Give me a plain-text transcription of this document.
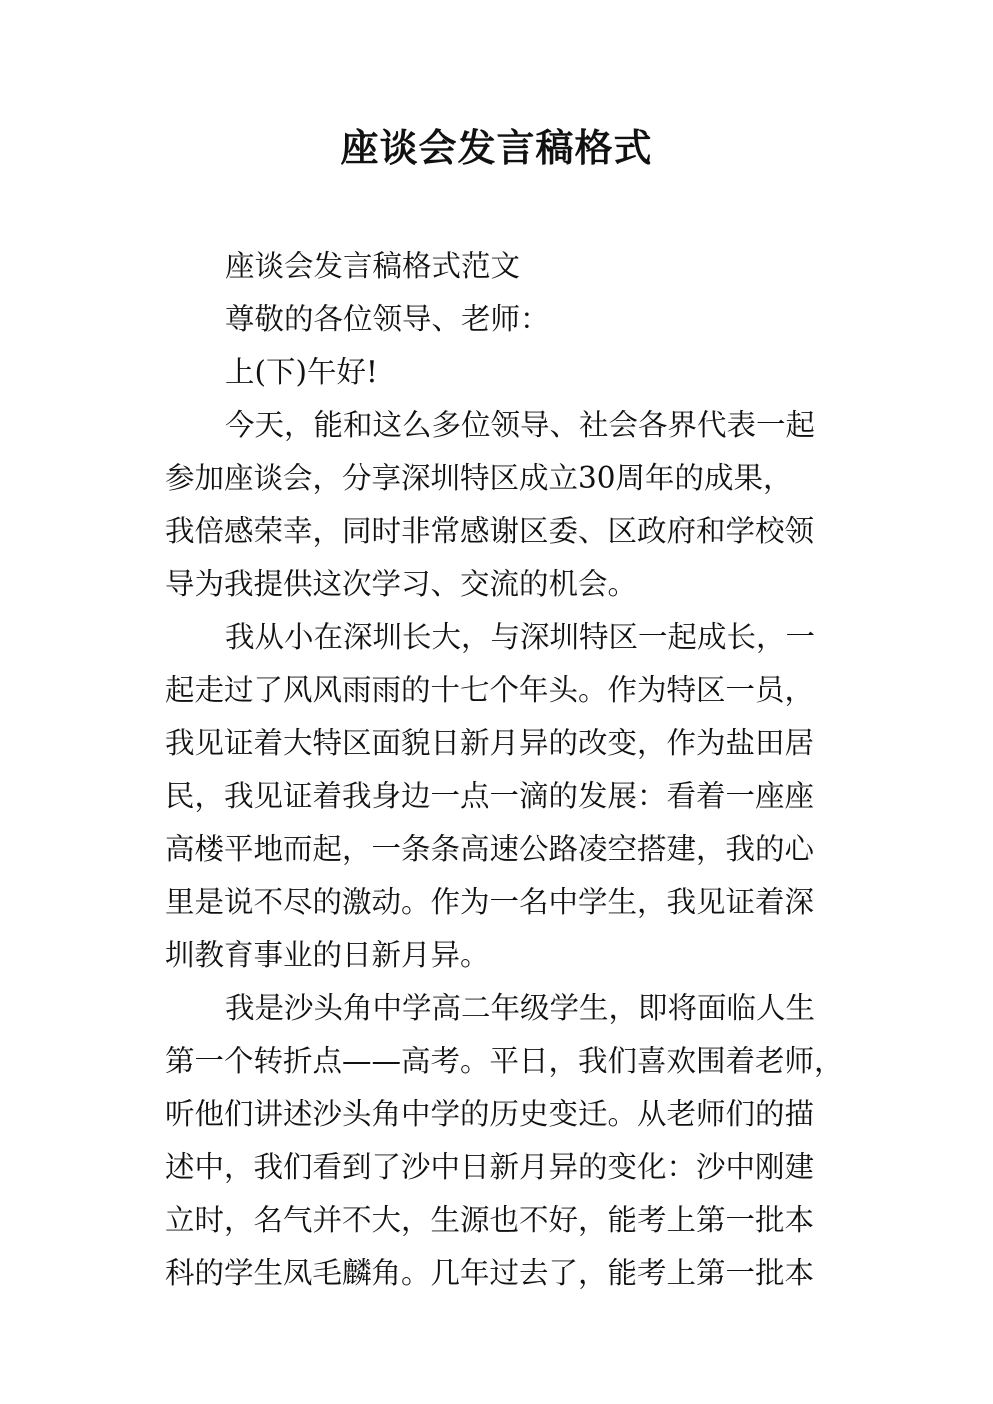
座谈会发言稿格式
座谈会发言稿格式范文
尊敬的各位领导、老师：
上(下)午好!
今天，能和这么多位领导、社会各界代表一起
参加座谈会，分享深圳特区成立30周年的成果，
我倍感荣幸，同时非常感谢区委、区政府和学校领
导为我提供这次学习、交流的机会。
我从小在深圳长大，与深圳特区一起成长，一
起走过了风风雨雨的十七个年头。作为特区一员，
我见证着大特区面貌日新月异的改变，作为盐田居
民，我见证着我身边一点一滴的发展：看着一座座
高楼平地而起，一条条高速公路凌空搭建，我的心
里是说不尽的激动。作为一名中学生，我见证着深
圳教育事业的日新月异。
我是沙头角中学高二年级学生，即将面临人生
第一个转折点——高考。平日，我们喜欢围着老师，
听他们讲述沙头角中学的历史变迁。从老师们的描
述中，我们看到了沙中日新月异的变化：沙中刚建
立时，名气并不大，生源也不好，能考上第一批本
科的学生凤毛麟角。几年过去了，能考上第一批本
